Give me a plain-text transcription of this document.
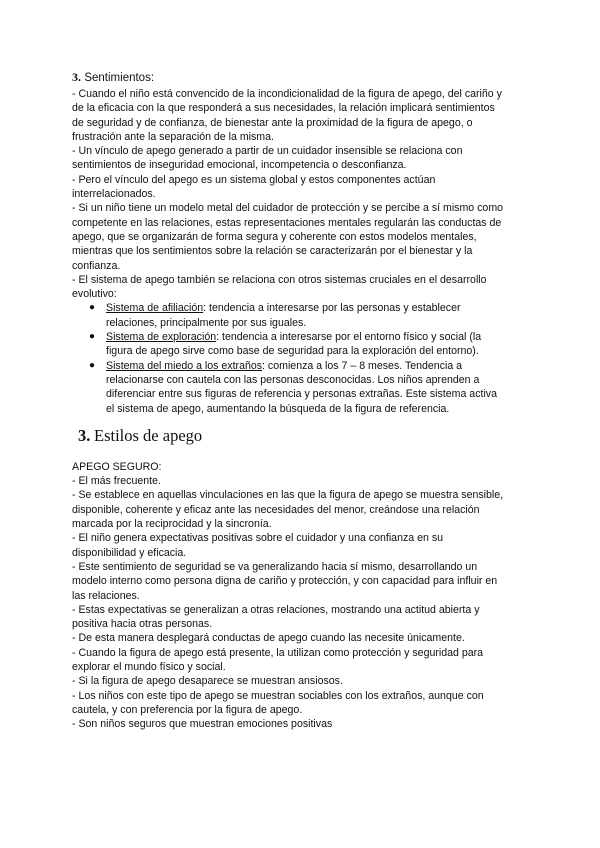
3. Sentimientos:
- Cuando el niño está convencido de la incondicionalidad de la figura de apego, del cariño y
de la eficacia con la que responderá a sus necesidades, la relación implicará sentimientos
de seguridad y de confianza, de bienestar ante la proximidad de la figura de apego, o
frustración ante la separación de la misma.
- Un vínculo de apego generado a partir de un cuidador insensible se relaciona con
sentimientos de inseguridad emocional, incompetencia o desconfianza.
- Pero el vínculo del apego es un sistema global y estos componentes actúan
interrelacionados.
- Si un niño tiene un modelo metal del cuidador de protección y se percibe a sí mismo como
competente en las relaciones, estas representaciones mentales regularán las conductas de
apego, que se organizarán de forma segura y coherente con estos modelos mentales,
mientras que los sentimientos sobre la relación se caracterizarán por el bienestar y la
confianza.
- El sistema de apego también se relaciona con otros sistemas cruciales en el desarrollo
evolutivo:
● Sistema de afiliación: tendencia a interesarse por las personas y establecer
relaciones, principalmente por sus iguales.
● Sistema de exploración: tendencia a interesarse por el entorno físico y social (la
figura de apego sirve como base de seguridad para la exploración del entorno).
● Sistema del miedo a los extraños: comienza a los 7 – 8 meses. Tendencia a
relacionarse con cautela con las personas desconocidas. Los niños aprenden a
diferenciar entre sus figuras de referencia y personas extrañas. Este sistema activa
el sistema de apego, aumentando la búsqueda de la figura de referencia.
3. Estilos de apego
APEGO SEGURO:
- El más frecuente.
- Se establece en aquellas vinculaciones en las que la figura de apego se muestra sensible,
disponible, coherente y eficaz ante las necesidades del menor, creándose una relación
marcada por la reciprocidad y la sincronía.
- El niño genera expectativas positivas sobre el cuidador y una confianza en su
disponibilidad y eficacia.
- Este sentimiento de seguridad se va generalizando hacia sí mismo, desarrollando un
modelo interno como persona digna de cariño y protección, y con capacidad para influir en
las relaciones.
- Estas expectativas se generalizan a otras relaciones, mostrando una actitud abierta y
positiva hacia otras personas.
- De esta manera desplegará conductas de apego cuando las necesite únicamente.
- Cuando la figura de apego está presente, la utilizan como protección y seguridad para
explorar el mundo físico y social.
- Si la figura de apego desaparece se muestran ansiosos.
- Los niños con este tipo de apego se muestran sociables con los extraños, aunque con
cautela, y con preferencia por la figura de apego.
- Son niños seguros que muestran emociones positivas
